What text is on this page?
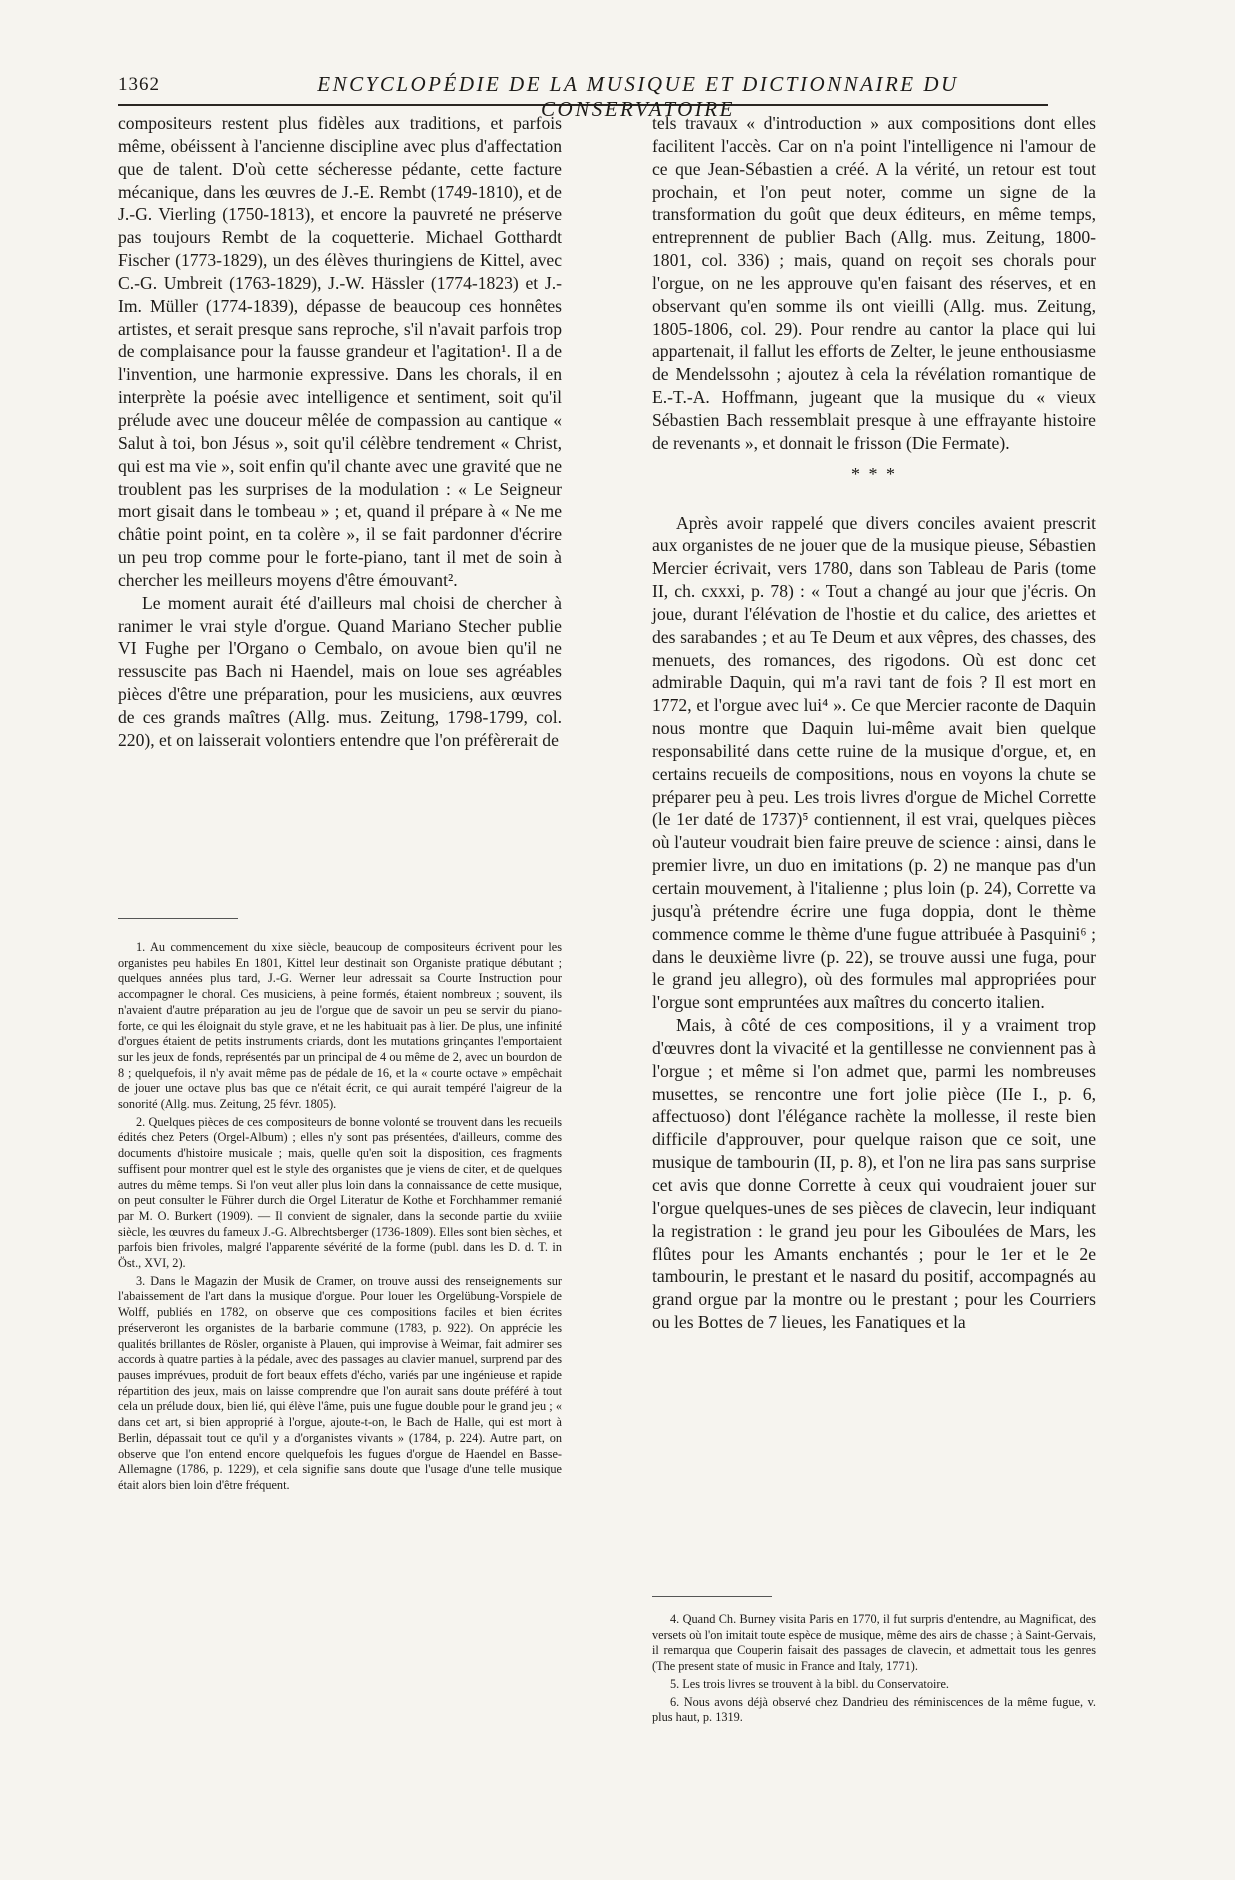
1362	ENCYCLOPÉDIE DE LA MUSIQUE ET DICTIONNAIRE DU CONSERVATOIRE

compositeurs restent plus fidèles aux traditions, et parfois même, obéissent à l'ancienne discipline avec plus d'affectation que de talent. D'où cette sécheresse pédante, cette facture mécanique, dans les œuvres de J.-E. Rembt (1749-1810), et de J.-G. Vierling (1750-1813), et encore la pauvreté ne préserve pas toujours Rembt de la coquetterie. Michael Gotthardt Fischer (1773-1829), un des élèves thuringiens de Kittel, avec C.-G. Umbreit (1763-1829), J.-W. Hässler (1774-1823) et J.-Im. Müller (1774-1839), dépasse de beaucoup ces honnêtes artistes, et serait presque sans reproche, s'il n'avait parfois trop de complaisance pour la fausse grandeur et l'agitation¹. Il a de l'invention, une harmonie expressive. Dans les chorals, il en interprète la poésie avec intelligence et sentiment, soit qu'il prélude avec une douceur mêlée de compassion au cantique « Salut à toi, bon Jésus », soit qu'il célèbre tendrement « Christ, qui est ma vie », soit enfin qu'il chante avec une gravité que ne troublent pas les surprises de la modulation : « Le Seigneur mort gisait dans le tombeau » ; et, quand il prépare à « Ne me châtie point point, en ta colère », il se fait pardonner d'écrire un peu trop comme pour le forte-piano, tant il met de soin à chercher les meilleurs moyens d'être émouvant².

Le moment aurait été d'ailleurs mal choisi de chercher à ranimer le vrai style d'orgue. Quand Mariano Stecher publie VI Fughe per l'Organo o Cembalo, on avoue bien qu'il ne ressuscite pas Bach ni Haendel, mais on loue ses agréables pièces d'être une préparation, pour les musiciens, aux œuvres de ces grands maîtres (Allg. mus. Zeitung, 1798-1799, col. 220), et on laisserait volontiers entendre que l'on préfèrerait de

1. Au commencement du xixe siècle, beaucoup de compositeurs écrivent pour les organistes peu habiles En 1801, Kittel leur destinait son Organiste pratique débutant ; quelques années plus tard, J.-G. Werner leur adressait sa Courte Instruction pour accompagner le choral. Ces musiciens, à peine formés, étaient nombreux ; souvent, ils n'avaient d'autre préparation au jeu de l'orgue que de savoir un peu se servir du piano-forte, ce qui les éloignait du style grave, et ne les habituait pas à lier. De plus, une infinité d'orgues étaient de petits instruments criards, dont les mutations grinçantes l'emportaient sur les jeux de fonds, représentés par un principal de 4 ou même de 2, avec un bourdon de 8 ; quelquefois, il n'y avait même pas de pédale de 16, et la « courte octave » empêchait de jouer une octave plus bas que ce n'était écrit, ce qui aurait tempéré l'aigreur de la sonorité (Allg. mus. Zeitung, 25 févr. 1805).

2. Quelques pièces de ces compositeurs de bonne volonté se trouvent dans les recueils édités chez Peters (Orgel-Album) ; elles n'y sont pas présentées, d'ailleurs, comme des documents d'histoire musicale ; mais, quelle qu'en soit la disposition, ces fragments suffisent pour montrer quel est le style des organistes que je viens de citer, et de quelques autres du même temps. Si l'on veut aller plus loin dans la connaissance de cette musique, on peut consulter le Führer durch die Orgel Literatur de Kothe et Forchhammer remanié par M. O. Burkert (1909). — Il convient de signaler, dans la seconde partie du xviiie siècle, les œuvres du fameux J.-G. Albrechtsberger (1736-1809). Elles sont bien sèches, et parfois bien frivoles, malgré l'apparente sévérité de la forme (publ. dans les D. d. T. in Öst., XVI, 2).

3. Dans le Magazin der Musik de Cramer, on trouve aussi des renseignements sur l'abaissement de l'art dans la musique d'orgue. Pour louer les Orgelübung-Vorspiele de Wolff, publiés en 1782, on observe que ces compositions faciles et bien écrites préserveront les organistes de la barbarie commune (1783, p. 922). On apprécie les qualités brillantes de Rösler, organiste à Plauen, qui improvise à Weimar, fait admirer ses accords à quatre parties à la pédale, avec des passages au clavier manuel, surprend par des pauses imprévues, produit de fort beaux effets d'écho, variés par une ingénieuse et rapide répartition des jeux, mais on laisse comprendre que l'on aurait sans doute préféré à tout cela un prélude doux, bien lié, qui élève l'âme, puis une fugue double pour le grand jeu ; « dans cet art, si bien approprié à l'orgue, ajoute-t-on, le Bach de Halle, qui est mort à Berlin, dépassait tout ce qu'il y a d'organistes vivants » (1784, p. 224). Autre part, on observe que l'on entend encore quelquefois les fugues d'orgue de Haendel en Basse-Allemagne (1786, p. 1229), et cela signifie sans doute que l'usage d'une telle musique était alors bien loin d'être fréquent.

tels travaux « d'introduction » aux compositions dont elles facilitent l'accès. Car on n'a point l'intelligence ni l'amour de ce que Jean-Sébastien a créé. A la vérité, un retour est tout prochain, et l'on peut noter, comme un signe de la transformation du goût que deux éditeurs, en même temps, entreprennent de publier Bach (Allg. mus. Zeitung, 1800-1801, col. 336) ; mais, quand on reçoit ses chorals pour l'orgue, on ne les approuve qu'en faisant des réserves, et en observant qu'en somme ils ont vieilli (Allg. mus. Zeitung, 1805-1806, col. 29). Pour rendre au cantor la place qui lui appartenait, il fallut les efforts de Zelter, le jeune enthousiasme de Mendelssohn ; ajoutez à cela la révélation romantique de E.-T.-A. Hoffmann, jugeant que la musique du « vieux Sébastien Bach ressemblait presque à une effrayante histoire de revenants », et donnait le frisson (Die Fermate).

* * *

Après avoir rappelé que divers conciles avaient prescrit aux organistes de ne jouer que de la musique pieuse, Sébastien Mercier écrivait, vers 1780, dans son Tableau de Paris (tome II, ch. cxxxi, p. 78) : « Tout a changé au jour que j'écris. On joue, durant l'élévation de l'hostie et du calice, des ariettes et des sarabandes ; et au Te Deum et aux vêpres, des chasses, des menuets, des romances, des rigodons. Où est donc cet admirable Daquin, qui m'a ravi tant de fois ? Il est mort en 1772, et l'orgue avec lui⁴ ». Ce que Mercier raconte de Daquin nous montre que Daquin lui-même avait bien quelque responsabilité dans cette ruine de la musique d'orgue, et, en certains recueils de compositions, nous en voyons la chute se préparer peu à peu. Les trois livres d'orgue de Michel Corrette (le 1er daté de 1737)⁵ contiennent, il est vrai, quelques pièces où l'auteur voudrait bien faire preuve de science : ainsi, dans le premier livre, un duo en imitations (p. 2) ne manque pas d'un certain mouvement, à l'italienne ; plus loin (p. 24), Corrette va jusqu'à prétendre écrire une fuga doppia, dont le thème commence comme le thème d'une fugue attribuée à Pasquini⁶ ; dans le deuxième livre (p. 22), se trouve aussi une fuga, pour le grand jeu allegro), où des formules mal appropriées pour l'orgue sont empruntées aux maîtres du concerto italien.

Mais, à côté de ces compositions, il y a vraiment trop d'œuvres dont la vivacité et la gentillesse ne conviennent pas à l'orgue ; et même si l'on admet que, parmi les nombreuses musettes, se rencontre une fort jolie pièce (IIe I., p. 6, affectuoso) dont l'élégance rachète la mollesse, il reste bien difficile d'approuver, pour quelque raison que ce soit, une musique de tambourin (II, p. 8), et l'on ne lira pas sans surprise cet avis que donne Corrette à ceux qui voudraient jouer sur l'orgue quelques-unes de ses pièces de clavecin, leur indiquant la registration : le grand jeu pour les Giboulées de Mars, les flûtes pour les Amants enchantés ; pour le 1er et le 2e tambourin, le prestant et le nasard du positif, accompagnés au grand orgue par la montre ou le prestant ; pour les Courriers ou les Bottes de 7 lieues, les Fanatiques et la

4. Quand Ch. Burney visita Paris en 1770, il fut surpris d'entendre, au Magnificat, des versets où l'on imitait toute espèce de musique, même des airs de chasse ; à Saint-Gervais, il remarqua que Couperin faisait des passages de clavecin, et admettait tous les genres (The present state of music in France and Italy, 1771).

5. Les trois livres se trouvent à la bibl. du Conservatoire.

6. Nous avons déjà observé chez Dandrieu des réminiscences de la même fugue, v. plus haut, p. 1319.
